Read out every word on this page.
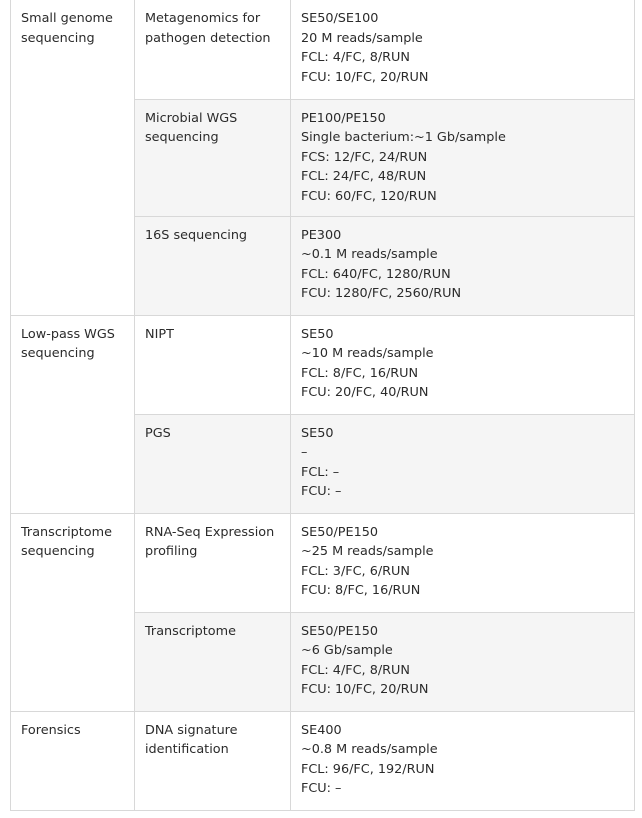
Small genome sequencing	Metagenomics for pathogen detection	SE50/SE100
20 M reads/sample
FCL: 4/FC, 8/RUN
FCU: 10/FC, 20/RUN

	Microbial WGS sequencing	PE100/PE150
Single bacterium:~1 Gb/sample
FCS: 12/FC, 24/RUN
FCL: 24/FC, 48/RUN
FCU: 60/FC, 120/RUN

	16S sequencing	PE300
~0.1 M reads/sample
FCL: 640/FC, 1280/RUN
FCU: 1280/FC, 2560/RUN

Low-pass WGS sequencing	NIPT	SE50
~10 M reads/sample
FCL: 8/FC, 16/RUN
FCU: 20/FC, 40/RUN

	PGS	SE50
–
FCL: –
FCU: –

Transcriptome sequencing	RNA-Seq Expression profiling	SE50/PE150
~25 M reads/sample
FCL: 3/FC, 6/RUN
FCU: 8/FC, 16/RUN

	Transcriptome	SE50/PE150
~6 Gb/sample
FCL: 4/FC, 8/RUN
FCU: 10/FC, 20/RUN

Forensics	DNA signature identification	SE400
~0.8 M reads/sample
FCL: 96/FC, 192/RUN
FCU: –
